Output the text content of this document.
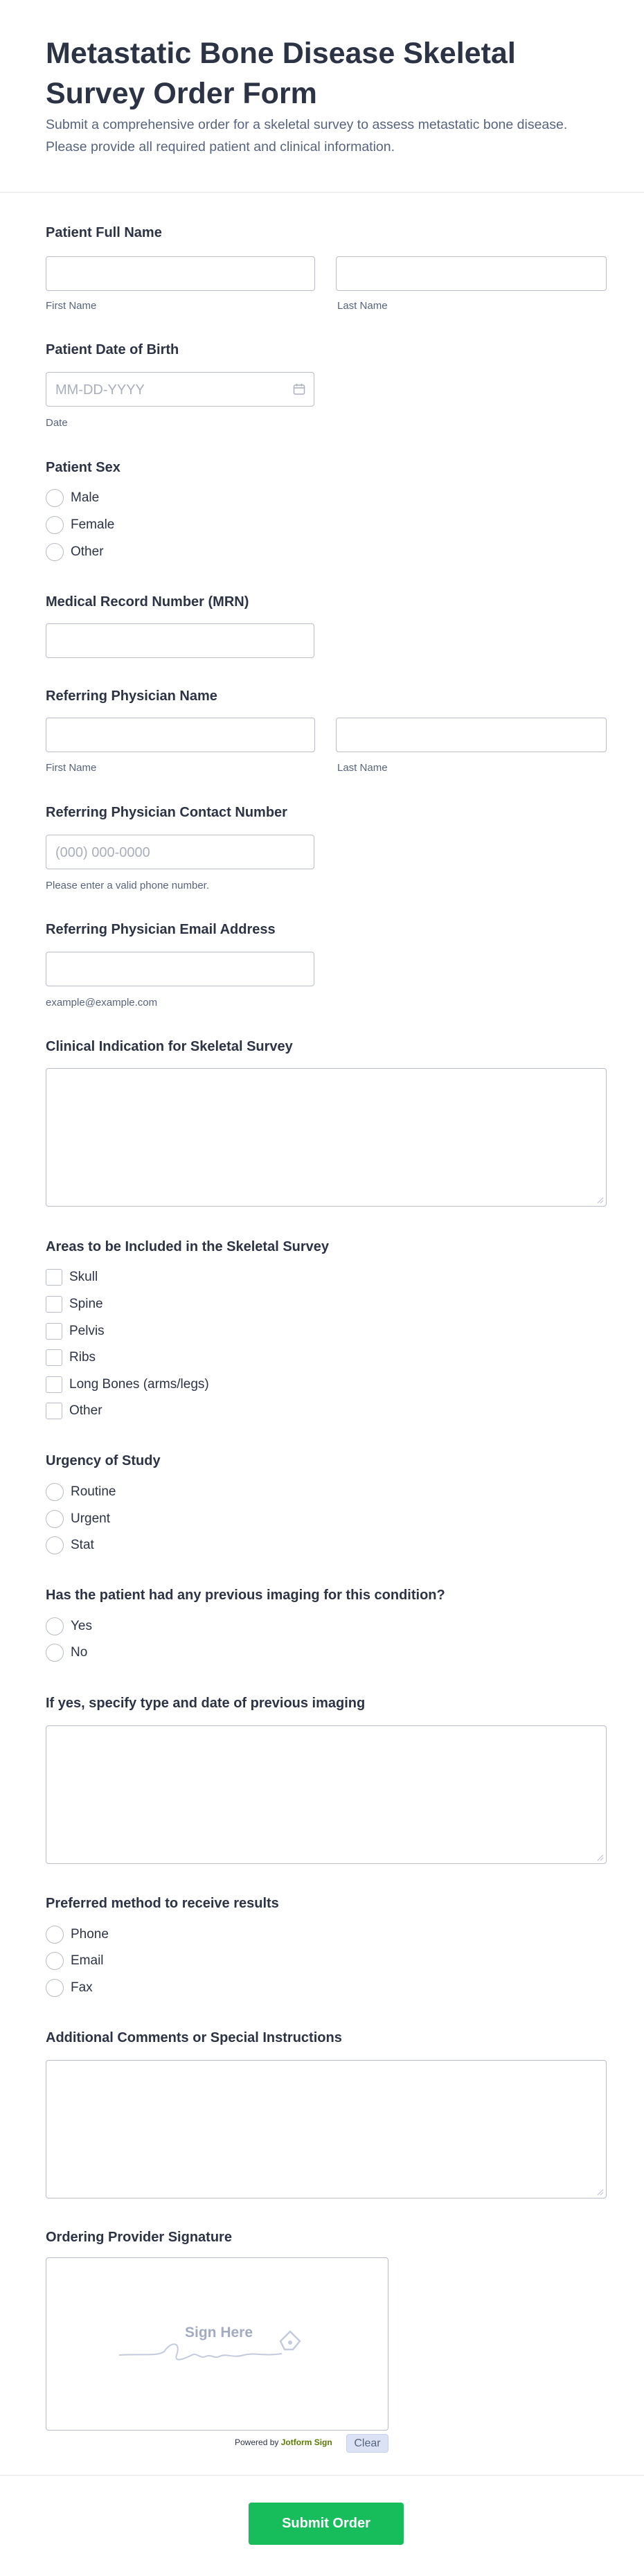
Metastatic Bone Disease Skeletal Survey Order Form
Submit a comprehensive order for a skeletal survey to assess metastatic bone disease. Please provide all required patient and clinical information.
Patient Full Name
First Name	Last Name
Patient Date of Birth
MM-DD-YYYY
Date
Patient Sex
Male
Female
Other
Medical Record Number (MRN)
Referring Physician Name
First Name	Last Name
Referring Physician Contact Number
(000) 000-0000
Please enter a valid phone number.
Referring Physician Email Address
example@example.com
Clinical Indication for Skeletal Survey
Areas to be Included in the Skeletal Survey
Skull
Spine
Pelvis
Ribs
Long Bones (arms/legs)
Other
Urgency of Study
Routine
Urgent
Stat
Has the patient had any previous imaging for this condition?
Yes
No
If yes, specify type and date of previous imaging
Preferred method to receive results
Phone
Email
Fax
Additional Comments or Special Instructions
Ordering Provider Signature
Sign Here
Powered by Jotform Sign	Clear
Submit Order
